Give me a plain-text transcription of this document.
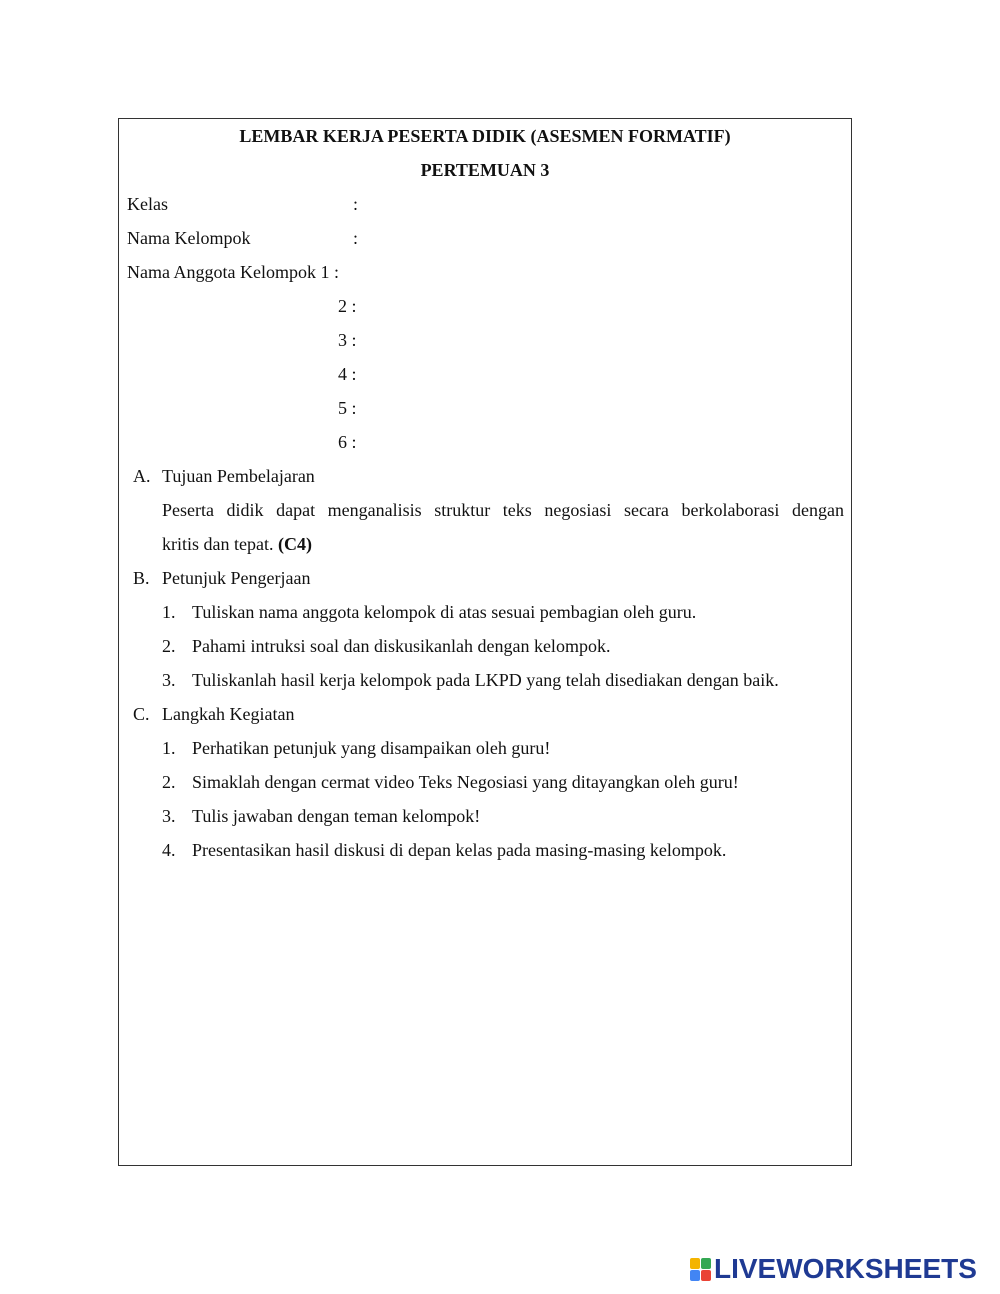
LEMBAR KERJA PESERTA DIDIK (ASESMEN FORMATIF)
PERTEMUAN 3
Kelas	:
Nama Kelompok	:
Nama Anggota Kelompok 1 :
2 :
3 :
4 :
5 :
6 :
A. Tujuan Pembelajaran
Peserta didik dapat menganalisis struktur teks negosiasi secara berkolaborasi dengan
kritis dan tepat. (C4)
B. Petunjuk Pengerjaan
1. Tuliskan nama anggota kelompok di atas sesuai pembagian oleh guru.
2. Pahami intruksi soal dan diskusikanlah dengan kelompok.
3. Tuliskanlah hasil kerja kelompok pada LKPD yang telah disediakan dengan baik.
C. Langkah Kegiatan
1. Perhatikan petunjuk yang disampaikan oleh guru!
2. Simaklah dengan cermat video Teks Negosiasi yang ditayangkan oleh guru!
3. Tulis jawaban dengan teman kelompok!
4. Presentasikan hasil diskusi di depan kelas pada masing-masing kelompok.
LIVEWORKSHEETS
